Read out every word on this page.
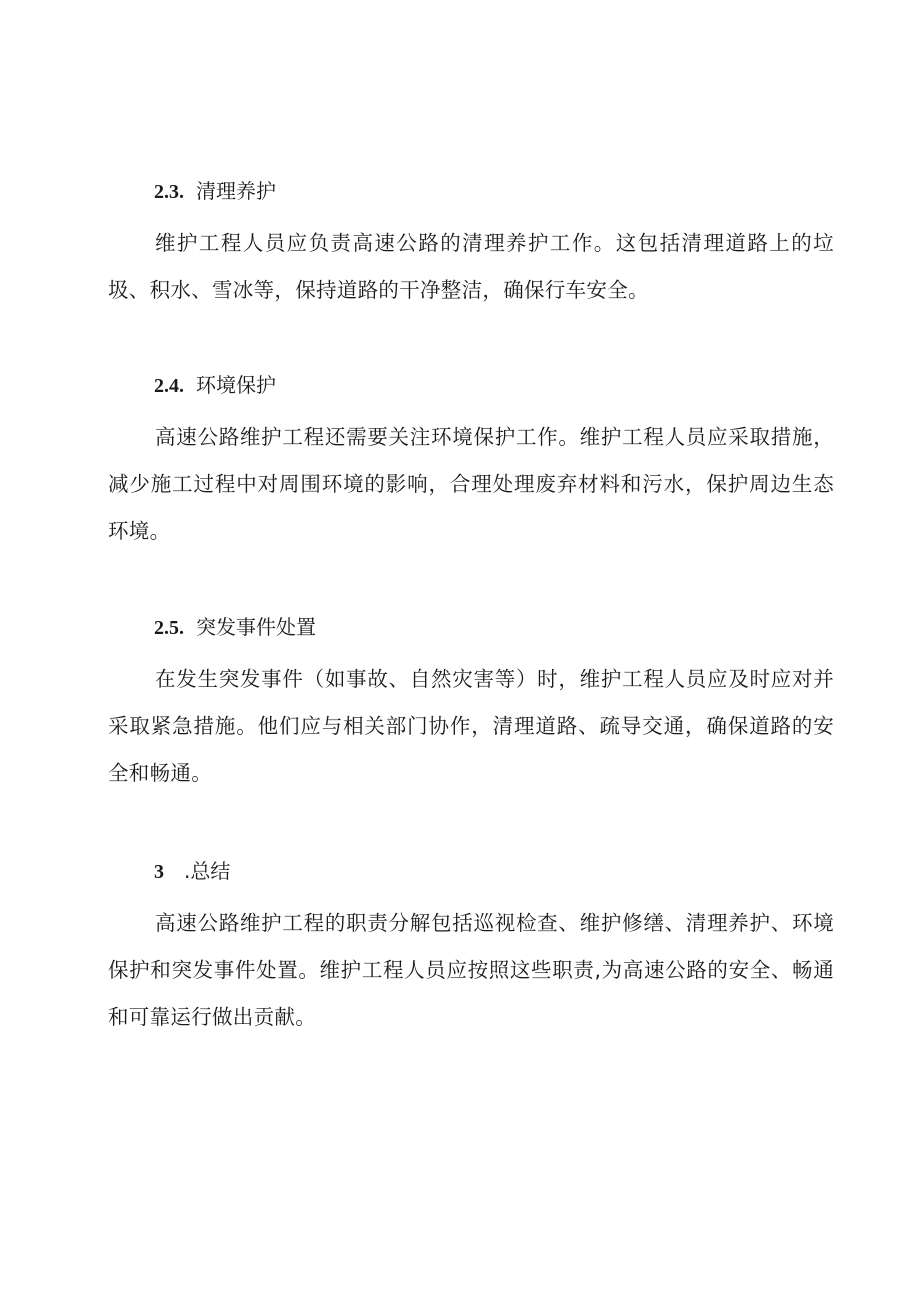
2.3. 清理养护
维护工程人员应负责高速公路的清理养护工作。这包括清理道路上的垃圾、积水、雪冰等，保持道路的干净整洁，确保行车安全。
2.4. 环境保护
高速公路维护工程还需要关注环境保护工作。维护工程人员应采取措施，减少施工过程中对周围环境的影响，合理处理废弃材料和污水，保护周边生态环境。
2.5. 突发事件处置
在发生突发事件（如事故、自然灾害等）时，维护工程人员应及时应对并采取紧急措施。他们应与相关部门协作，清理道路、疏导交通，确保道路的安全和畅通。
3 .总结
高速公路维护工程的职责分解包括巡视检查、维护修缮、清理养护、环境保护和突发事件处置。维护工程人员应按照这些职责,为高速公路的安全、畅通和可靠运行做出贡献。
